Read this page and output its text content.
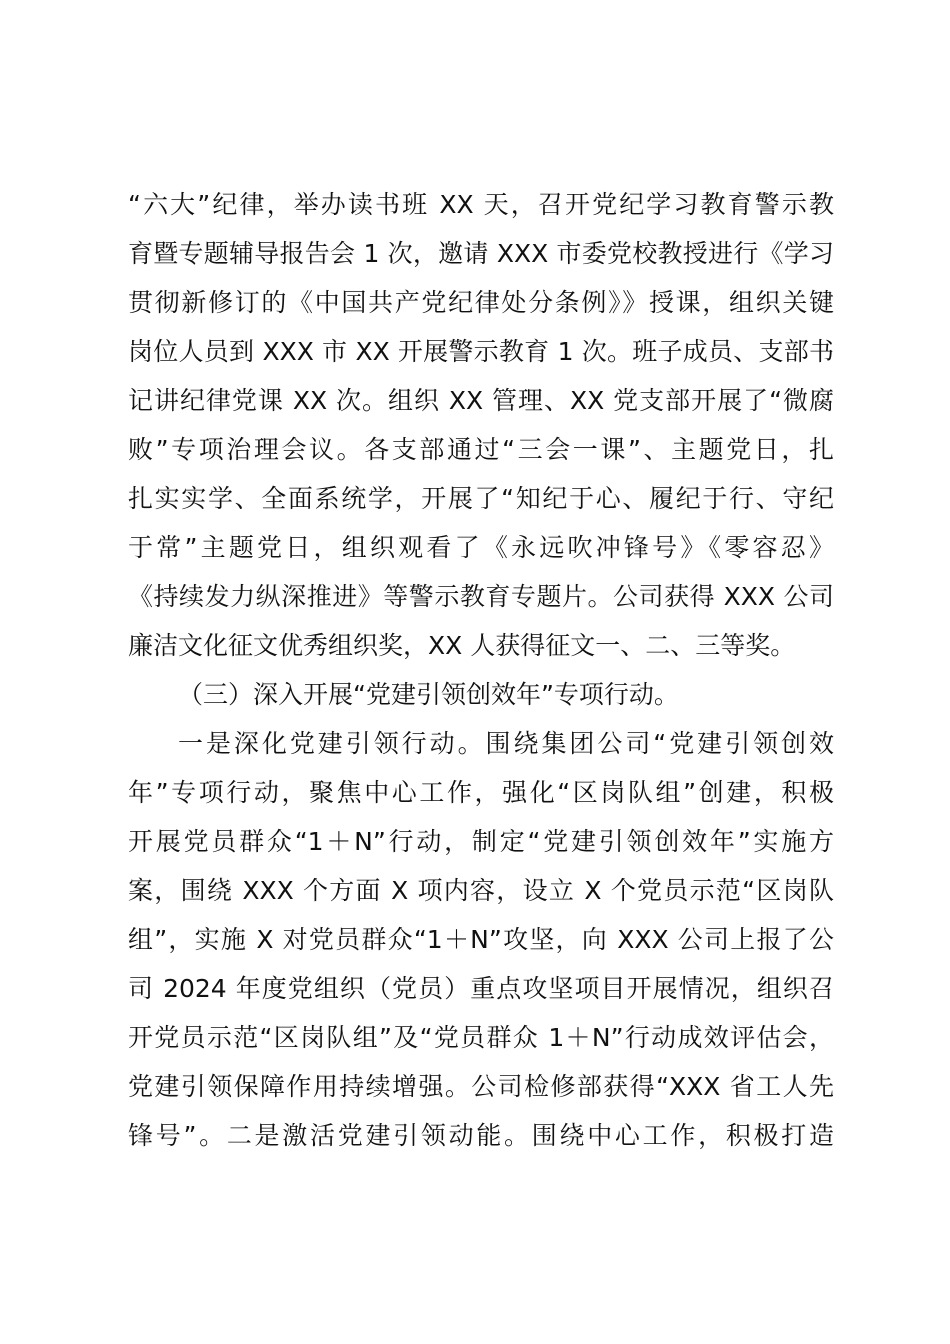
“六大”纪律，举办读书班 XX 天，召开党纪学习教育警示教
育暨专题辅导报告会 1 次，邀请 XXX 市委党校教授进行《学习
贯彻新修订的《中国共产党纪律处分条例》》授课，组织关键
岗位人员到 XXX 市 XX 开展警示教育 1 次。班子成员、支部书
记讲纪律党课 XX 次。组织 XX 管理、XX 党支部开展了“微腐
败”专项治理会议。各支部通过“三会一课”、主题党日，扎
扎实实学、全面系统学，开展了“知纪于心、履纪于行、守纪
于常”主题党日，组织观看了《永远吹冲锋号》《零容忍》
《持续发力纵深推进》等警示教育专题片。公司获得 XXX 公司
廉洁文化征文优秀组织奖，XX 人获得征文一、二、三等奖。
（三）深入开展“党建引领创效年”专项行动。
一是深化党建引领行动。围绕集团公司“党建引领创效
年”专项行动，聚焦中心工作，强化“区岗队组”创建，积极
开展党员群众“1＋N”行动，制定“党建引领创效年”实施方
案，围绕 XXX 个方面 X 项内容，设立 X 个党员示范“区岗队
组”，实施 X 对党员群众“1＋N”攻坚，向 XXX 公司上报了公
司 2024 年度党组织（党员）重点攻坚项目开展情况，组织召
开党员示范“区岗队组”及“党员群众 1＋N”行动成效评估会，
党建引领保障作用持续增强。公司检修部获得“XXX 省工人先
锋号”。二是激活党建引领动能。围绕中心工作，积极打造
